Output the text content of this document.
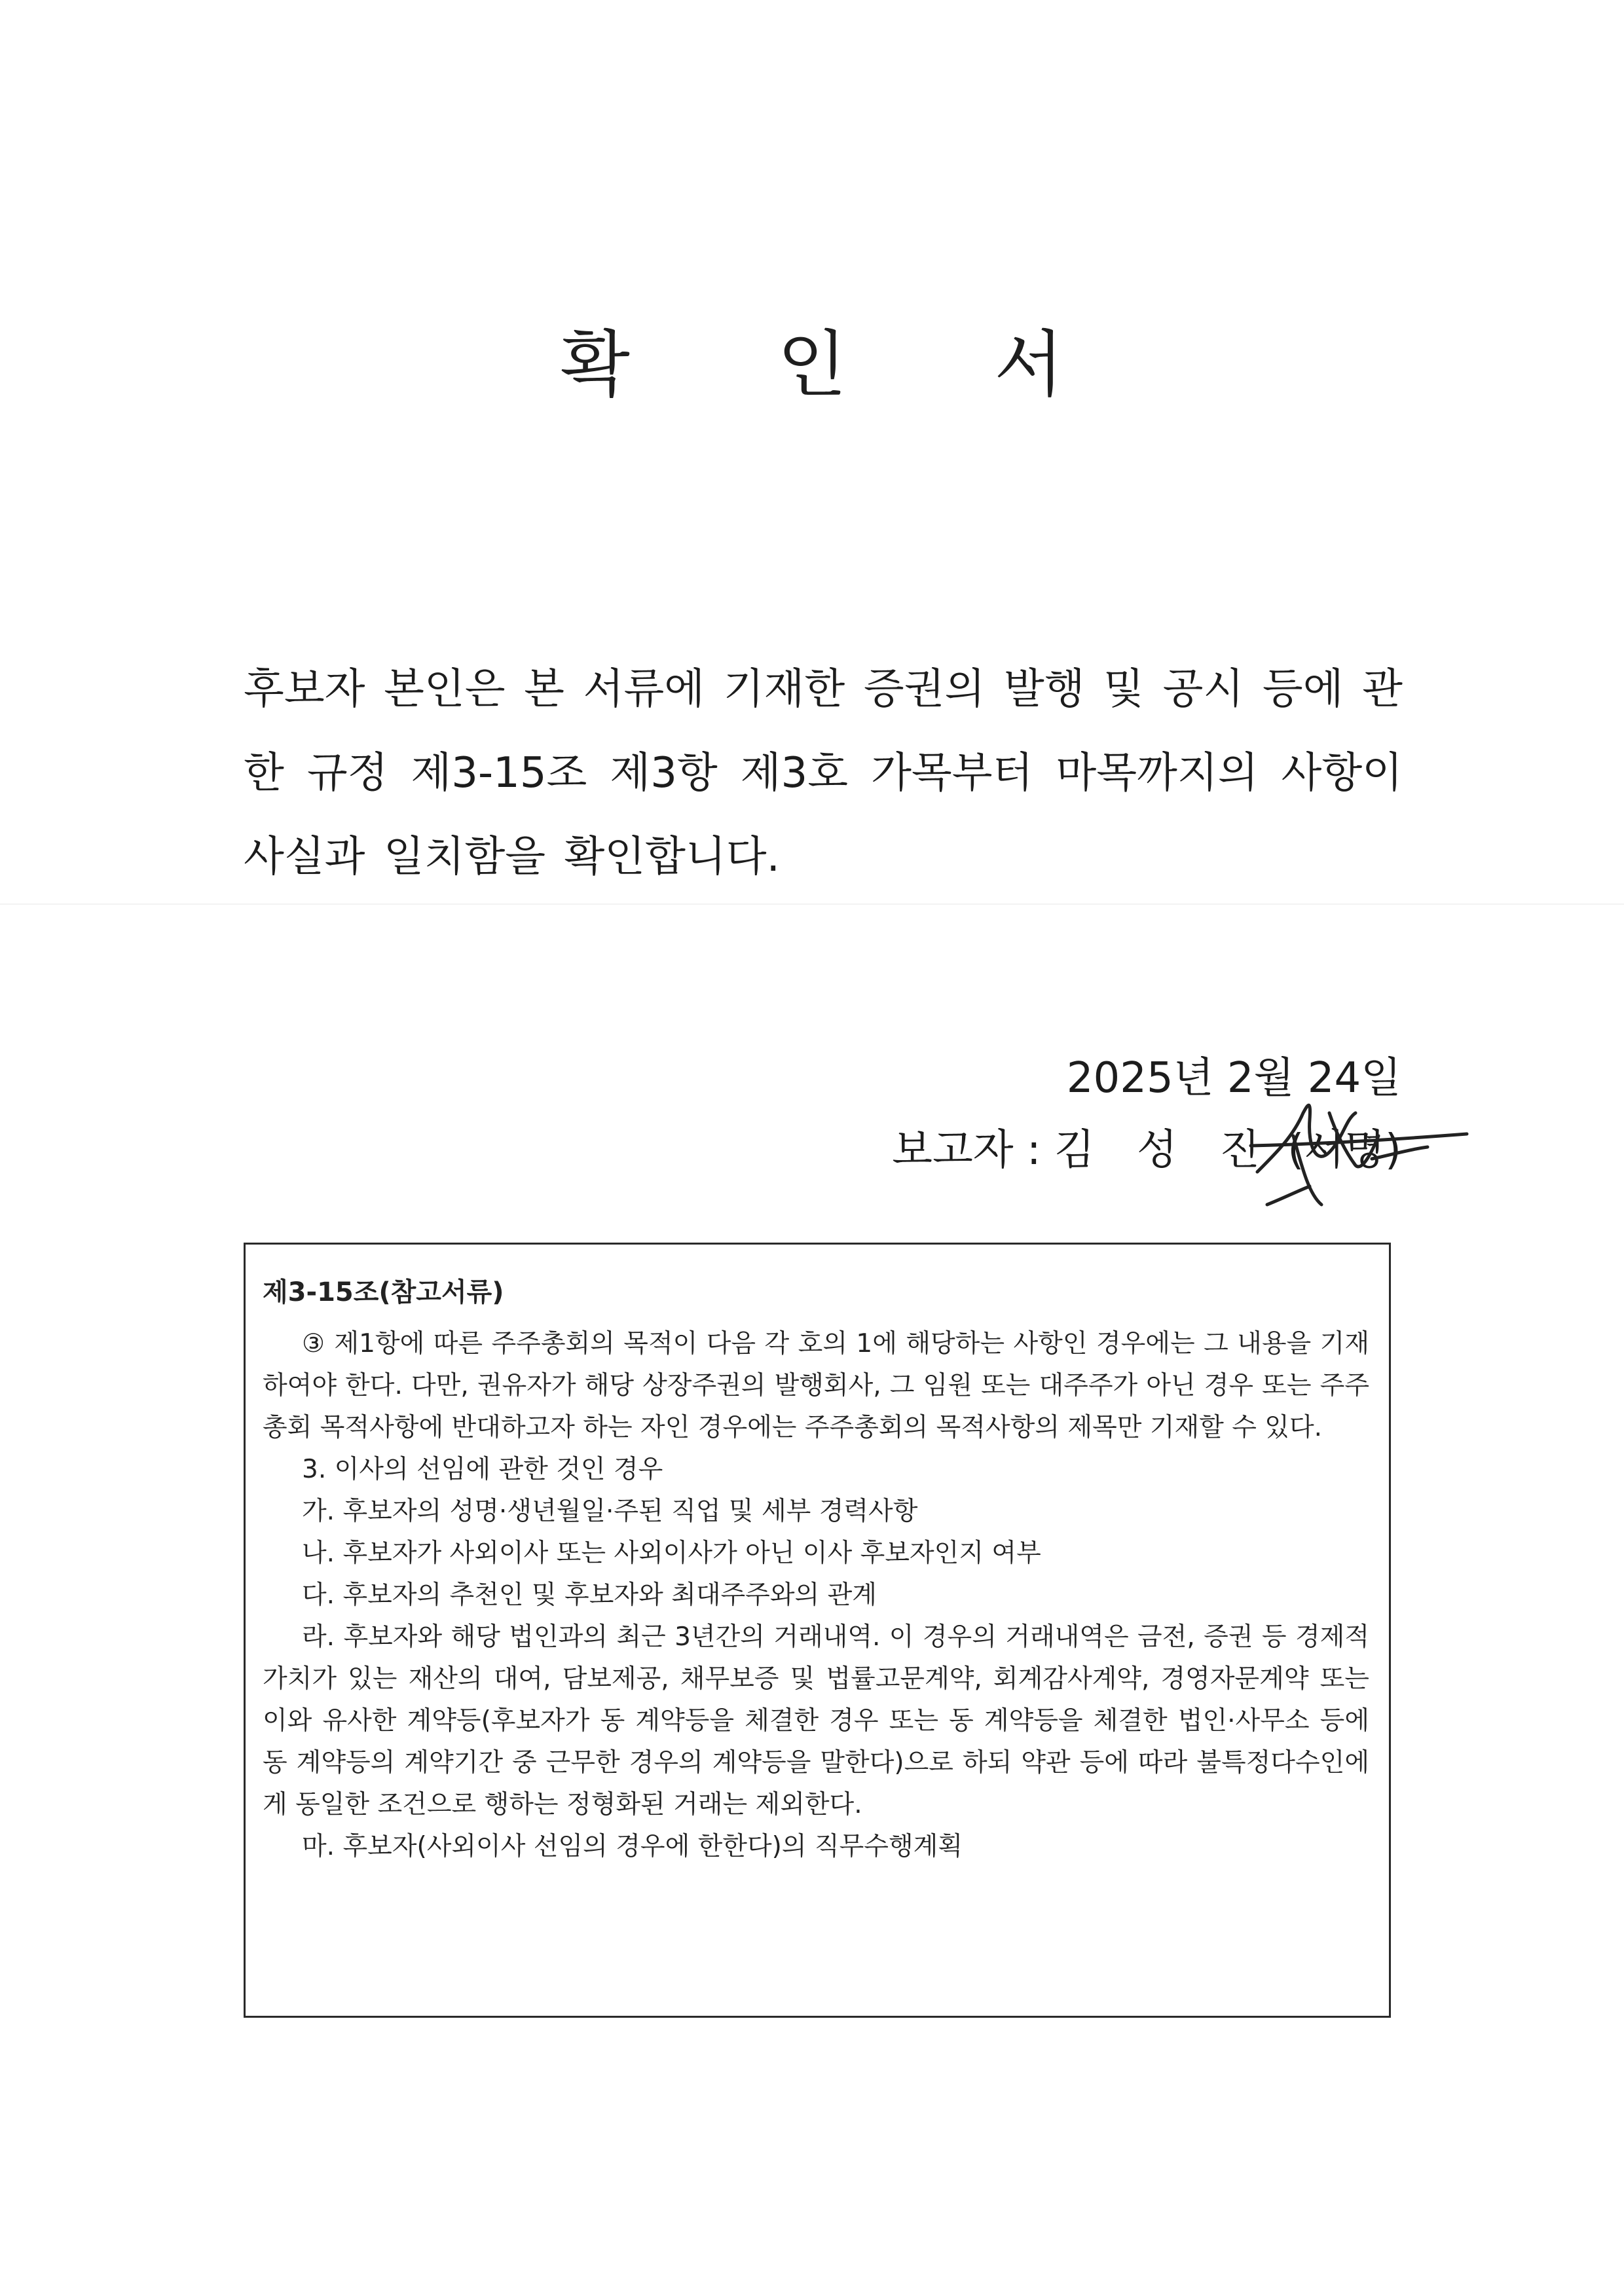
확 인 서

후보자 본인은 본 서류에 기재한 증권의 발행 및 공시 등에 관한 규정 제3-15조 제3항 제3호 가목부터 마목까지의 사항이 사실과 일치함을 확인합니다.

2025년 2월 24일
보고자 : 김 성 진 (서명)
제3-15조(참고서류)

③ 제1항에 따른 주주총회의 목적이 다음 각 호의 1에 해당하는 사항인 경우에는 그 내용을 기재하여야 한다. 다만, 권유자가 해당 상장주권의 발행회사, 그 임원 또는 대주주가 아닌 경우 또는 주주총회 목적사항에 반대하고자 하는 자인 경우에는 주주총회의 목적사항의 제목만 기재할 수 있다.

3. 이사의 선임에 관한 것인 경우

가. 후보자의 성명·생년월일·주된 직업 및 세부 경력사항

나. 후보자가 사외이사 또는 사외이사가 아닌 이사 후보자인지 여부

다. 후보자의 추천인 및 후보자와 최대주주와의 관계

라. 후보자와 해당 법인과의 최근 3년간의 거래내역. 이 경우의 거래내역은 금전, 증권 등 경제적 가치가 있는 재산의 대여, 담보제공, 채무보증 및 법률고문계약, 회계감사계약, 경영자문계약 또는 이와 유사한 계약등(후보자가 동 계약등을 체결한 경우 또는 동 계약등을 체결한 법인·사무소 등에 동 계약등의 계약기간 중 근무한 경우의 계약등을 말한다)으로 하되 약관 등에 따라 불특정다수인에게 동일한 조건으로 행하는 정형화된 거래는 제외한다.

마. 후보자(사외이사 선임의 경우에 한한다)의 직무수행계획
